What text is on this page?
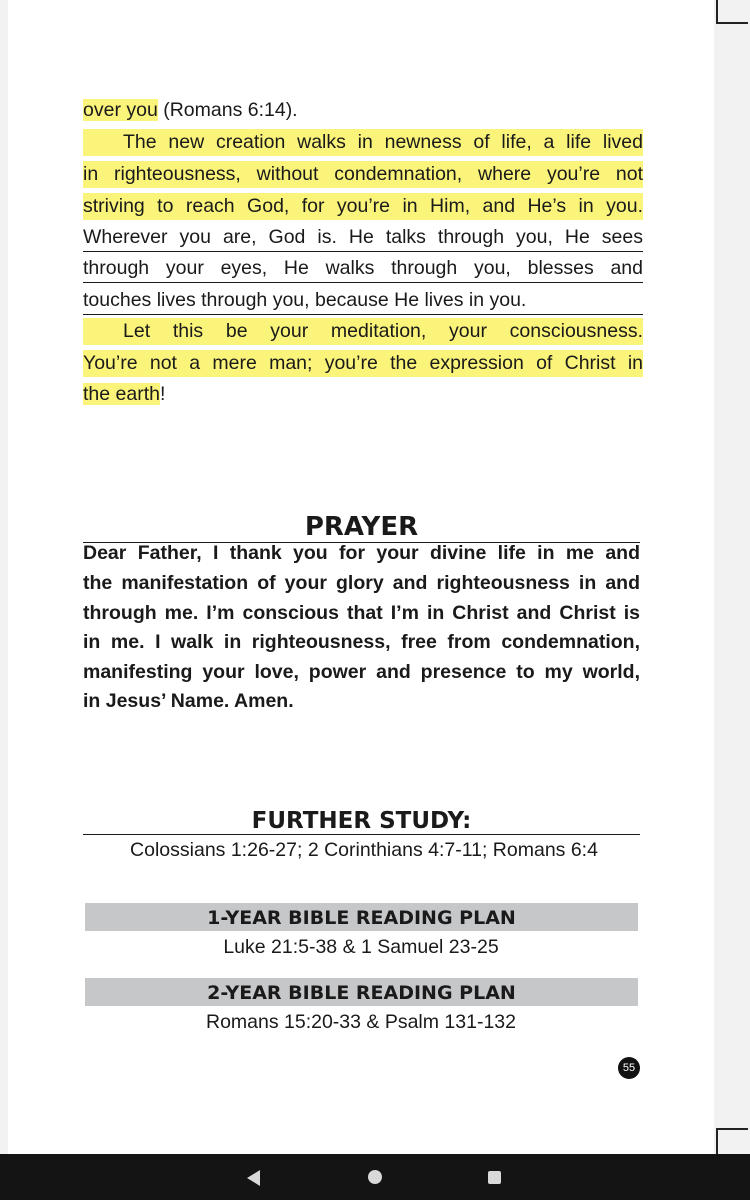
over you (Romans 6:14).
The new creation walks in newness of life, a life lived
in righteousness, without condemnation, where you’re not
striving to reach God, for you’re in Him, and He’s in you.
Wherever you are, God is. He talks through you, He sees
through your eyes, He walks through you, blesses and
touches lives through you, because He lives in you.
Let this be your meditation, your consciousness.
You’re not a mere man; you’re the expression of Christ in
the earth!
PRAYER
Dear Father, I thank you for your divine life in me and
the manifestation of your glory and righteousness in and
through me. I’m conscious that I’m in Christ and Christ is
in me. I walk in righteousness, free from condemnation,
manifesting your love, power and presence to my world,
in Jesus’ Name. Amen.
FURTHER STUDY:
Colossians 1:26-27; 2 Corinthians 4:7-11; Romans 6:4
1-YEAR BIBLE READING PLAN
Luke 21:5-38 & 1 Samuel 23-25
2-YEAR BIBLE READING PLAN
Romans 15:20-33 & Psalm 131-132
55
